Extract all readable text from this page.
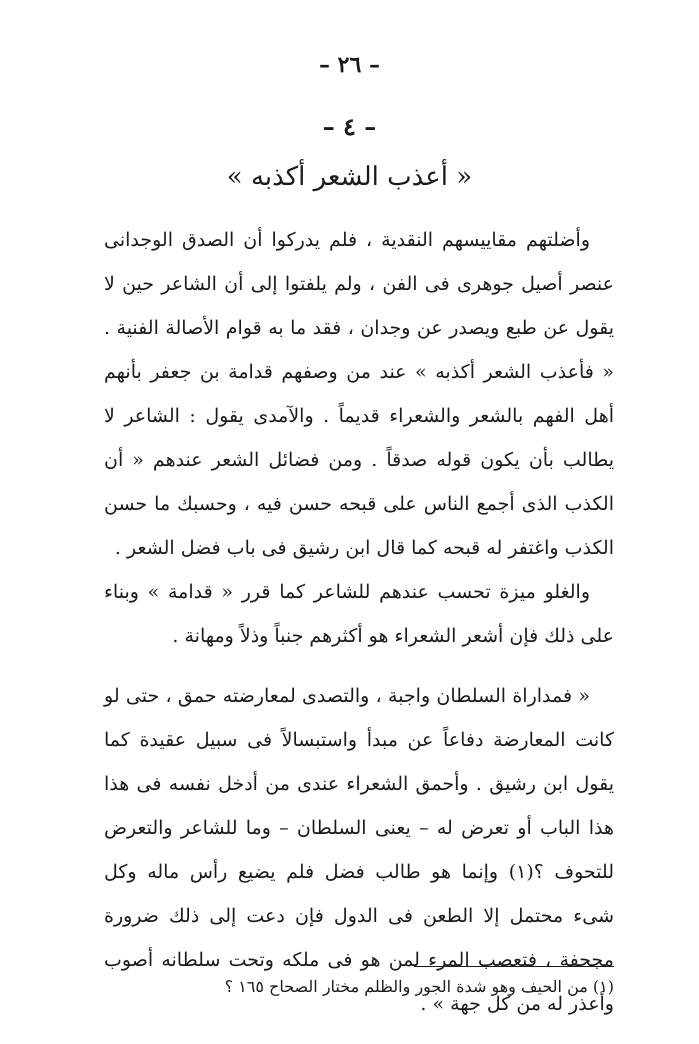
– ٢٦ –
– ٤ –
« أعذب الشعر أكذبه »

وأضلتهم مقاييسهم النقدية ، فلم يدركوا أن الصدق الوجدانى عنصر أصيل جوهرى فى الفن ، ولم يلفتوا إلى أن الشاعر حين لا يقول عن طبع ويصدر عن وجدان ، فقد ما به قوام الأصالة الفنية . « فأعذب الشعر أكذبه » عند من وصفهم قدامة بن جعفر بأنهم أهل الفهم بالشعر والشعراء قديماً . والآمدى يقول : الشاعر لا يطالب بأن يكون قوله صدقاً . ومن فضائل الشعر عندهم « أن الكذب الذى أجمع الناس على قبحه حسن فيه ، وحسبك ما حسن الكذب واغتفر له قبحه كما قال ابن رشيق فى باب فضل الشعر .

والغلو ميزة تحسب عندهم للشاعر كما قرر « قدامة » وبناء على ذلك فإن أشعر الشعراء هو أكثرهم جنباً وذلاً ومهانة .

« فمداراة السلطان واجبة ، والتصدى لمعارضته حمق ، حتى لو كانت المعارضة دفاعاً عن مبدأ واستبسالاً فى سبيل عقيدة كما يقول ابن رشيق . وأحمق الشعراء عندى من أدخل نفسه فى هذا هذا الباب أو تعرض له – يعنى السلطان – وما للشاعر والتعرض للتحوف ؟(١) وإنما هو طالب فضل فلم يضيع رأس ماله وكل شىء محتمل إلا الطعن فى الدول فإن دعت إلى ذلك ضرورة مجحفة ، فتعصب المرء لمن هو فى ملكه وتحت سلطانه أصوب وأعذر له من كل جهة » .

(١) من الحيف وهو شدة الجور والظلم مختار الصحاح ١٦٥ ؟
